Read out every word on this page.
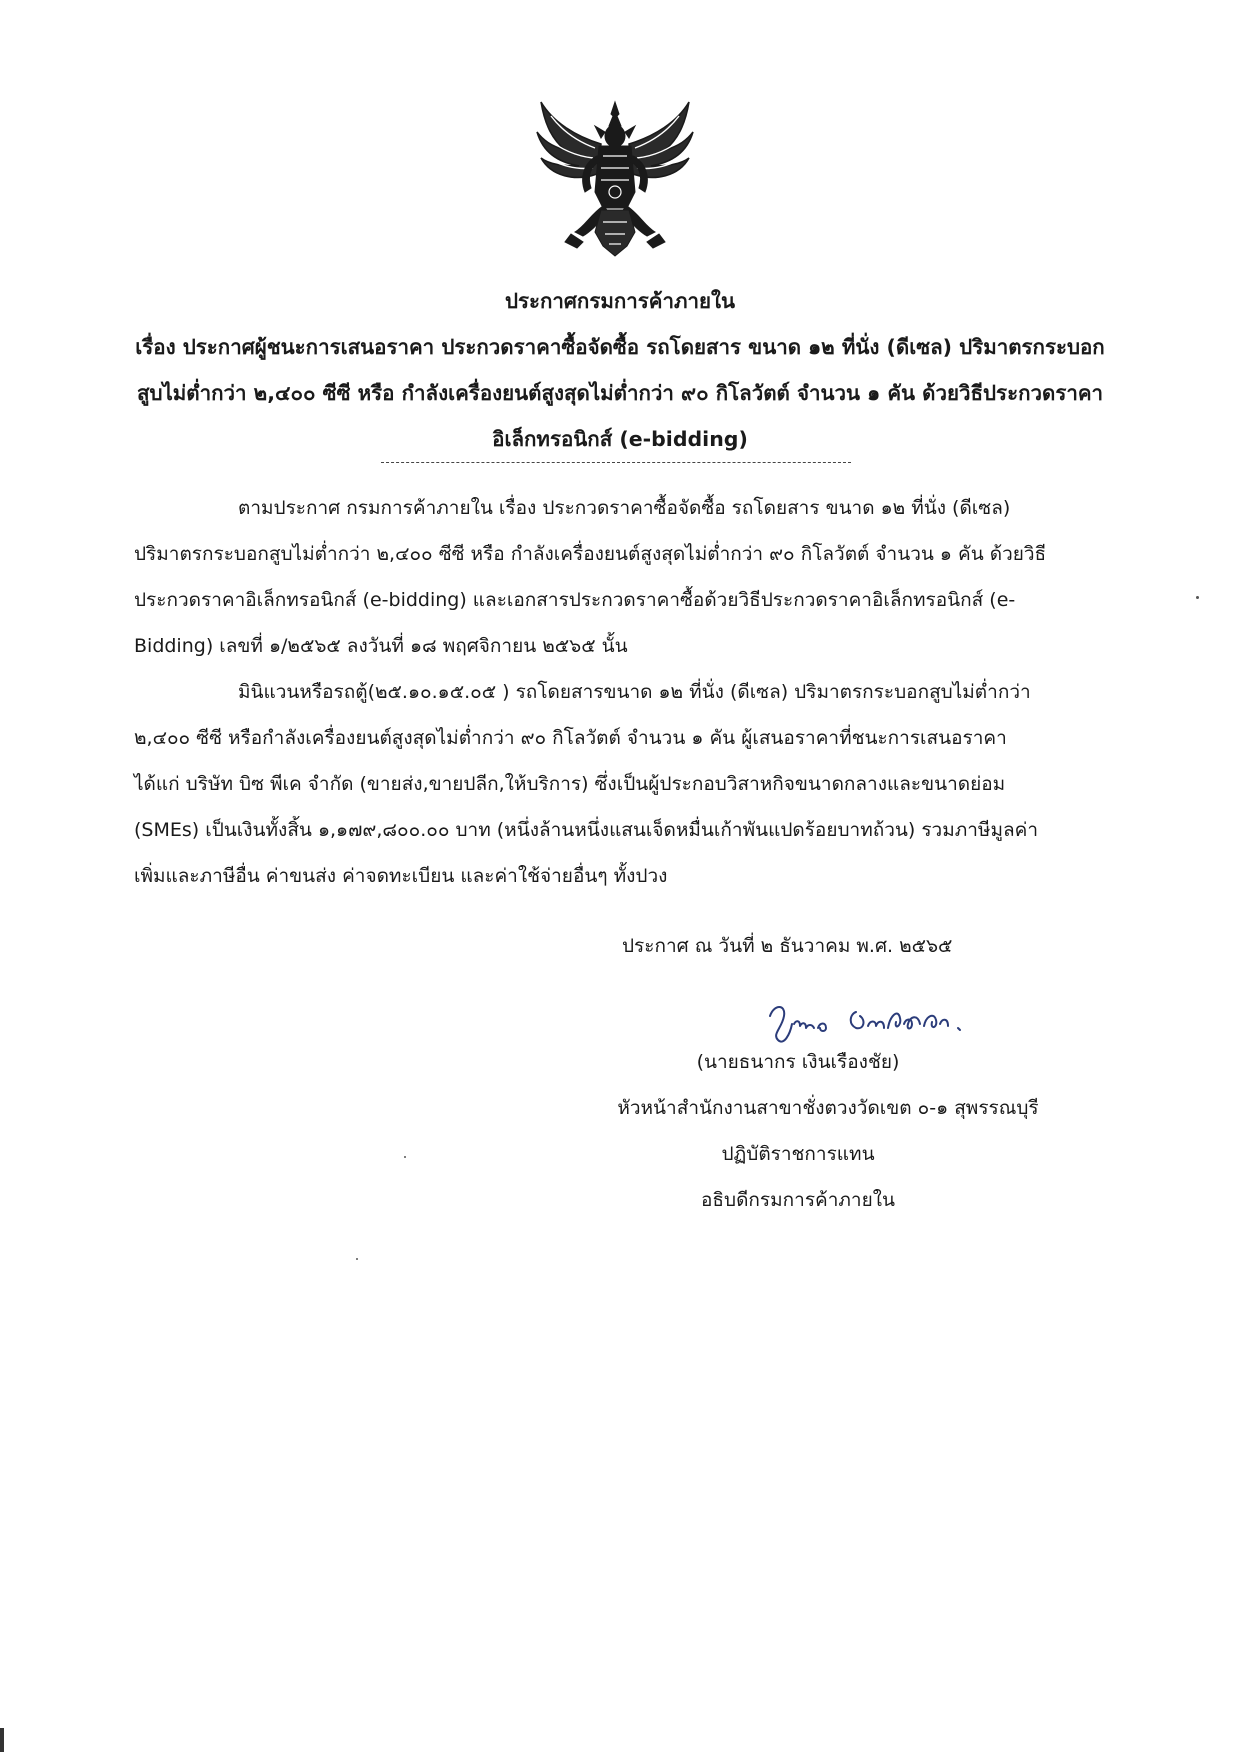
ประกาศกรมการค้าภายใน
เรื่อง ประกาศผู้ชนะการเสนอราคา ประกวดราคาซื้อจัดซื้อ รถโดยสาร ขนาด ๑๒ ที่นั่ง (ดีเซล) ปริมาตรกระบอก
สูบไม่ต่ำกว่า ๒,๔๐๐ ซีซี หรือ กำลังเครื่องยนต์สูงสุดไม่ต่ำกว่า ๙๐ กิโลวัตต์ จำนวน ๑ คัน ด้วยวิธีประกวดราคา
อิเล็กทรอนิกส์ (e-bidding)
ตามประกาศ กรมการค้าภายใน เรื่อง ประกวดราคาซื้อจัดซื้อ รถโดยสาร ขนาด ๑๒ ที่นั่ง (ดีเซล)
ปริมาตรกระบอกสูบไม่ต่ำกว่า ๒,๔๐๐ ซีซี หรือ กำลังเครื่องยนต์สูงสุดไม่ต่ำกว่า ๙๐ กิโลวัตต์ จำนวน ๑ คัน ด้วยวิธี
ประกวดราคาอิเล็กทรอนิกส์ (e-bidding) และเอกสารประกวดราคาซื้อด้วยวิธีประกวดราคาอิเล็กทรอนิกส์ (e-
Bidding) เลขที่ ๑/๒๕๖๕ ลงวันที่ ๑๘ พฤศจิกายน ๒๕๖๕ นั้น
มินิแวนหรือรถตู้(๒๕.๑๐.๑๕.๐๕ ) รถโดยสารขนาด ๑๒ ที่นั่ง (ดีเซล) ปริมาตรกระบอกสูบไม่ต่ำกว่า
๒,๔๐๐ ซีซี หรือกำลังเครื่องยนต์สูงสุดไม่ต่ำกว่า ๙๐ กิโลวัตต์ จำนวน ๑ คัน ผู้เสนอราคาที่ชนะการเสนอราคา
ได้แก่ บริษัท บิซ พีเค จำกัด (ขายส่ง,ขายปลีก,ให้บริการ) ซึ่งเป็นผู้ประกอบวิสาหกิจขนาดกลางและขนาดย่อม
(SMEs) เป็นเงินทั้งสิ้น ๑,๑๗๙,๘๐๐.๐๐ บาท (หนึ่งล้านหนึ่งแสนเจ็ดหมื่นเก้าพันแปดร้อยบาทถ้วน) รวมภาษีมูลค่า
เพิ่มและภาษีอื่น ค่าขนส่ง ค่าจดทะเบียน และค่าใช้จ่ายอื่นๆ ทั้งปวง
ประกาศ ณ วันที่ ๒ ธันวาคม พ.ศ. ๒๕๖๕
(นายธนากร เงินเรืองชัย)
หัวหน้าสำนักงานสาขาชั่งตวงวัดเขต ๐-๑ สุพรรณบุรี
ปฏิบัติราชการแทน
อธิบดีกรมการค้าภายใน
